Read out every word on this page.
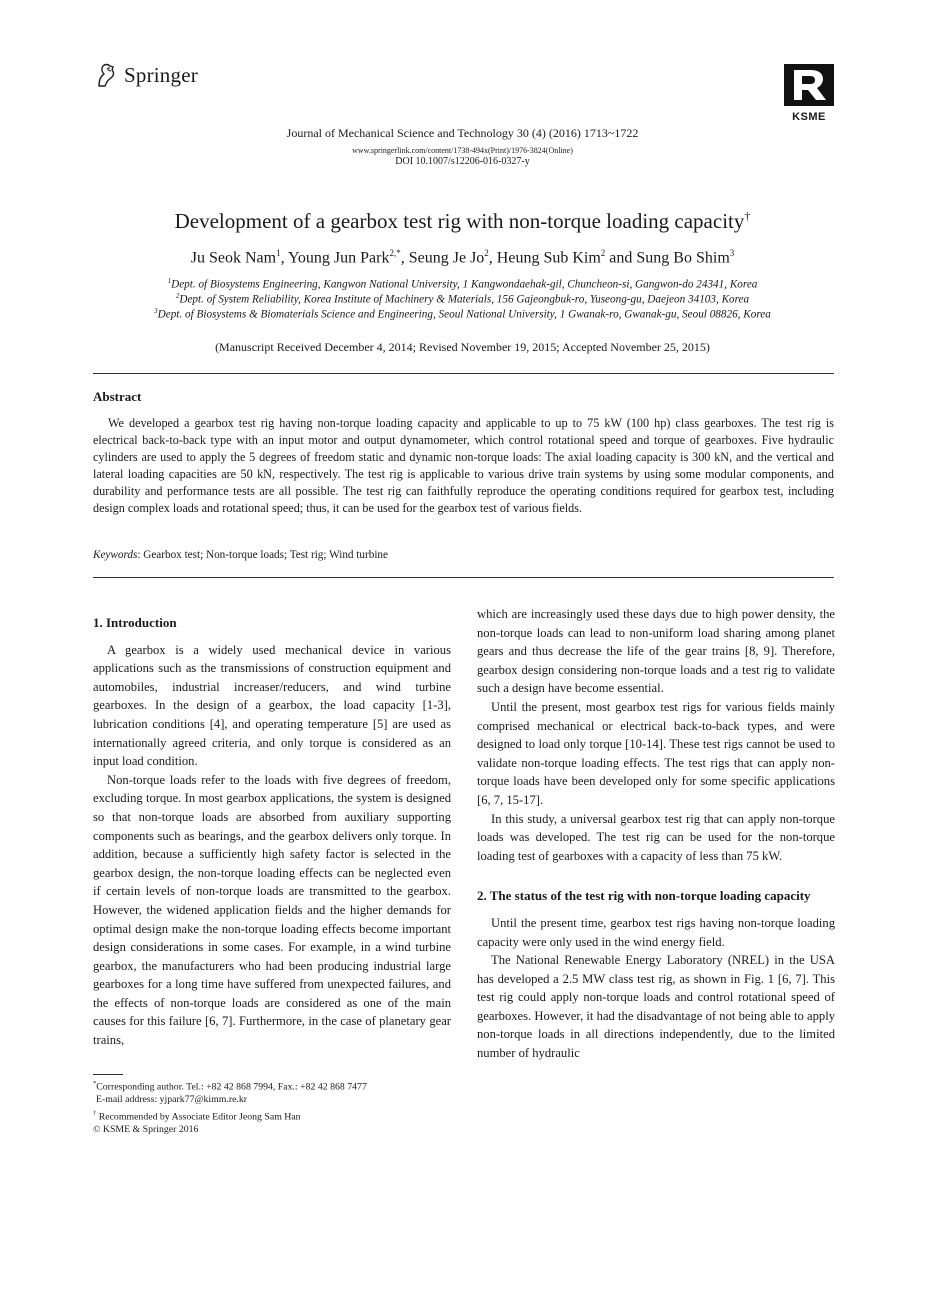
Springer
KSME
Journal of Mechanical Science and Technology 30 (4) (2016) 1713~1722
www.springerlink.com/content/1738-494x(Print)/1976-3824(Online)
DOI 10.1007/s12206-016-0327-y
Development of a gearbox test rig with non-torque loading capacity†
Ju Seok Nam$^1$, Young Jun Park$^{2,*}$, Seung Je Jo$^2$, Heung Sub Kim$^2$ and Sung Bo Shim$^3$
$^1$Dept. of Biosystems Engineering, Kangwon National University, 1 Kangwondaehak-gil, Chuncheon-si, Gangwon-do 24341, Korea
$^2$Dept. of System Reliability, Korea Institute of Machinery & Materials, 156 Gajeongbuk-ro, Yuseong-gu, Daejeon 34103, Korea
$^3$Dept. of Biosystems & Biomaterials Science and Engineering, Seoul National University, 1 Gwanak-ro, Gwanak-gu, Seoul 08826, Korea
(Manuscript Received December 4, 2014; Revised November 19, 2015; Accepted November 25, 2015)
Abstract
We developed a gearbox test rig having non-torque loading capacity and applicable to up to 75 kW (100 hp) class gearboxes. The test rig is electrical back-to-back type with an input motor and output dynamometer, which control rotational speed and torque of gearboxes. Five hydraulic cylinders are used to apply the 5 degrees of freedom static and dynamic non-torque loads: The axial loading capacity is 300 kN, and the vertical and lateral loading capacities are 50 kN, respectively. The test rig is applicable to various drive train systems by using some modular components, and durability and performance tests are all possible. The test rig can faithfully reproduce the operating conditions required for gearbox test, including design complex loads and rotational speed; thus, it can be used for the gearbox test of various fields.
Keywords: Gearbox test; Non-torque loads; Test rig; Wind turbine
1. Introduction

A gearbox is a widely used mechanical device in various applications such as the transmissions of construction equipment and automobiles, industrial increaser/reducers, and wind turbine gearboxes. In the design of a gearbox, the load capacity [1-3], lubrication conditions [4], and operating temperature [5] are used as internationally agreed criteria, and only torque is considered as an input load condition.

Non-torque loads refer to the loads with five degrees of freedom, excluding torque. In most gearbox applications, the system is designed so that non-torque loads are absorbed from auxiliary supporting components such as bearings, and the gearbox delivers only torque. In addition, because a sufficiently high safety factor is selected in the gearbox design, the non-torque loading effects can be neglected even if certain levels of non-torque loads are transmitted to the gearbox. However, the widened application fields and the higher demands for optimal design make the non-torque loading effects become important design considerations in some cases. For example, in a wind turbine gearbox, the manufacturers who had been producing industrial large gearboxes for a long time have suffered from unexpected failures, and the effects of non-torque loads are considered as one of the main causes for this failure [6, 7]. Furthermore, in the case of planetary gear trains,

which are increasingly used these days due to high power density, the non-torque loads can lead to non-uniform load sharing among planet gears and thus decrease the life of the gear trains [8, 9]. Therefore, gearbox design considering non-torque loads and a test rig to validate such a design have become essential.

Until the present, most gearbox test rigs for various fields mainly comprised mechanical or electrical back-to-back types, and were designed to load only torque [10-14]. These test rigs cannot be used to validate non-torque loading effects. The test rigs that can apply non-torque loads have been developed only for some specific applications [6, 7, 15-17].

In this study, a universal gearbox test rig that can apply non-torque loads was developed. The test rig can be used for the non-torque loading test of gearboxes with a capacity of less than 75 kW.

2. The status of the test rig with non-torque loading capacity

Until the present time, gearbox test rigs having non-torque loading capacity were only used in the wind energy field.

The National Renewable Energy Laboratory (NREL) in the USA has developed a 2.5 MW class test rig, as shown in Fig. 1 [6, 7]. This test rig could apply non-torque loads and control rotational speed of gearboxes. However, it had the disadvantage of not being able to apply non-torque loads in all directions independently, due to the limited number of hydraulic

*Corresponding author. Tel.: +82 42 868 7994, Fax.: +82 42 868 7477
E-mail address: yjpark77@kimm.re.kr
† Recommended by Associate Editor Jeong Sam Han
© KSME & Springer 2016
